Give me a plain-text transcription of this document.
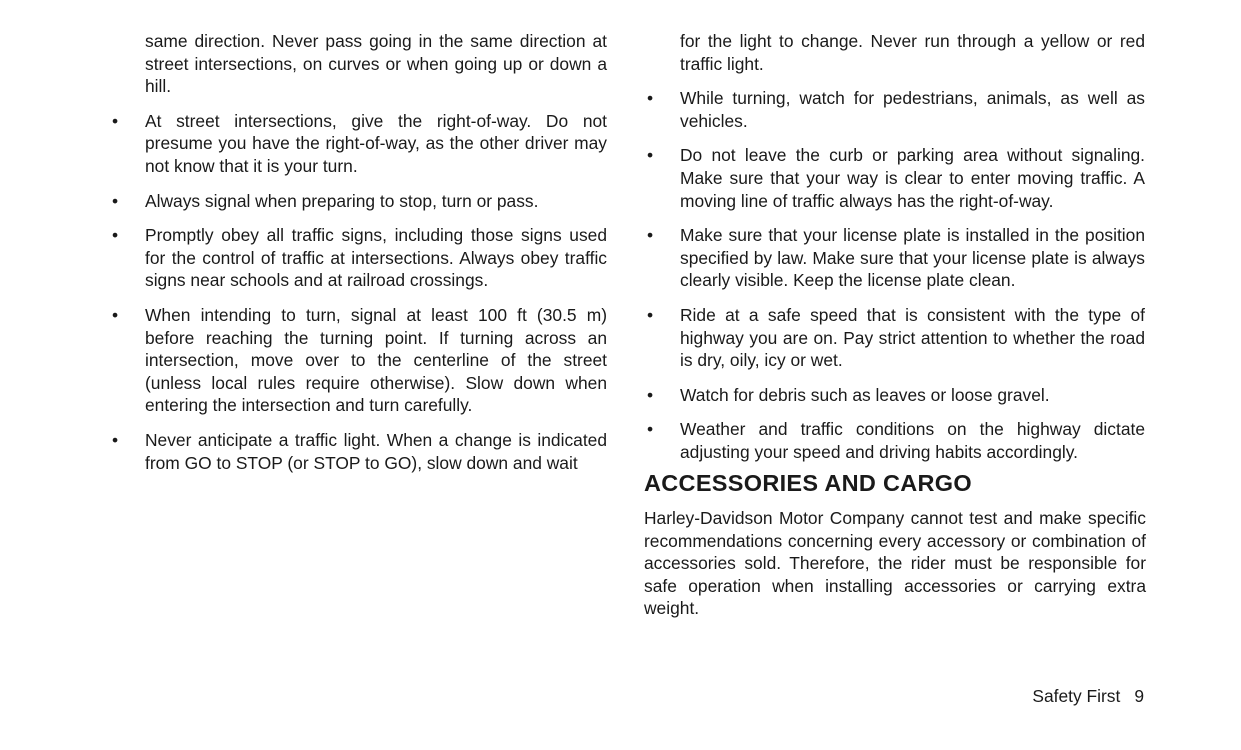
same direction. Never pass going in the same direction at street intersections, on curves or when going up or down a hill.

• At street intersections, give the right-of-way. Do not presume you have the right-of-way, as the other driver may not know that it is your turn.
• Always signal when preparing to stop, turn or pass.
• Promptly obey all traffic signs, including those signs used for the control of traffic at intersections. Always obey traffic signs near schools and at railroad crossings.
• When intending to turn, signal at least 100 ft (30.5 m) before reaching the turning point. If turning across an intersection, move over to the centerline of the street (unless local rules require otherwise). Slow down when entering the intersection and turn carefully.
• Never anticipate a traffic light. When a change is indicated from GO to STOP (or STOP to GO), slow down and wait

for the light to change. Never run through a yellow or red traffic light.

• While turning, watch for pedestrians, animals, as well as vehicles.
• Do not leave the curb or parking area without signaling. Make sure that your way is clear to enter moving traffic. A moving line of traffic always has the right-of-way.
• Make sure that your license plate is installed in the position specified by law. Make sure that your license plate is always clearly visible. Keep the license plate clean.
• Ride at a safe speed that is consistent with the type of highway you are on. Pay strict attention to whether the road is dry, oily, icy or wet.
• Watch for debris such as leaves or loose gravel.
• Weather and traffic conditions on the highway dictate adjusting your speed and driving habits accordingly.
ACCESSORIES AND CARGO

Harley-Davidson Motor Company cannot test and make specific recommendations concerning every accessory or combination of accessories sold. Therefore, the rider must be responsible for safe operation when installing accessories or carrying extra weight.

Safety First 9
